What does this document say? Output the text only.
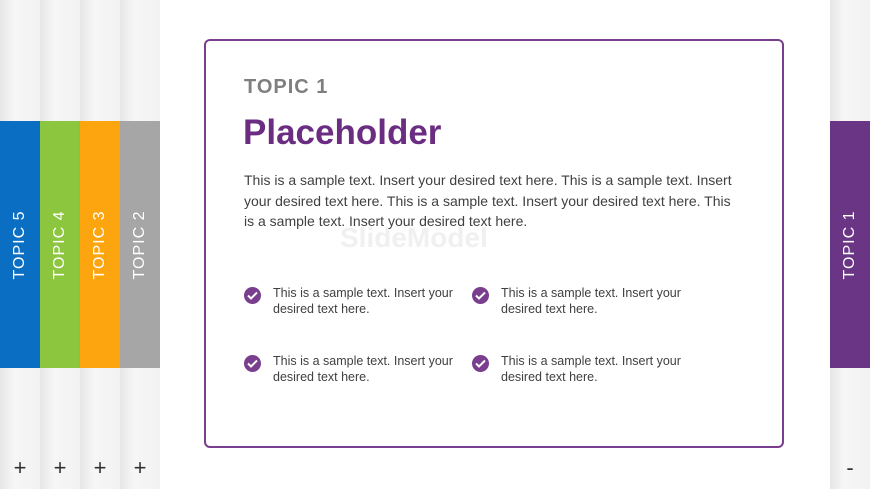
TOPIC 5
+
TOPIC 4
+
TOPIC 3
+
TOPIC 2
+
SlideModel
TOPIC 1
Placeholder
This is a sample text. Insert your desired text here. This is a sample text. Insert your desired text here. This is a sample text. Insert your desired text here. This is a sample text. Insert your desired text here.
This is a sample text. Insert your desired text here.
This is a sample text. Insert your desired text here.
This is a sample text. Insert your desired text here.
This is a sample text. Insert your desired text here.
TOPIC 1
-
